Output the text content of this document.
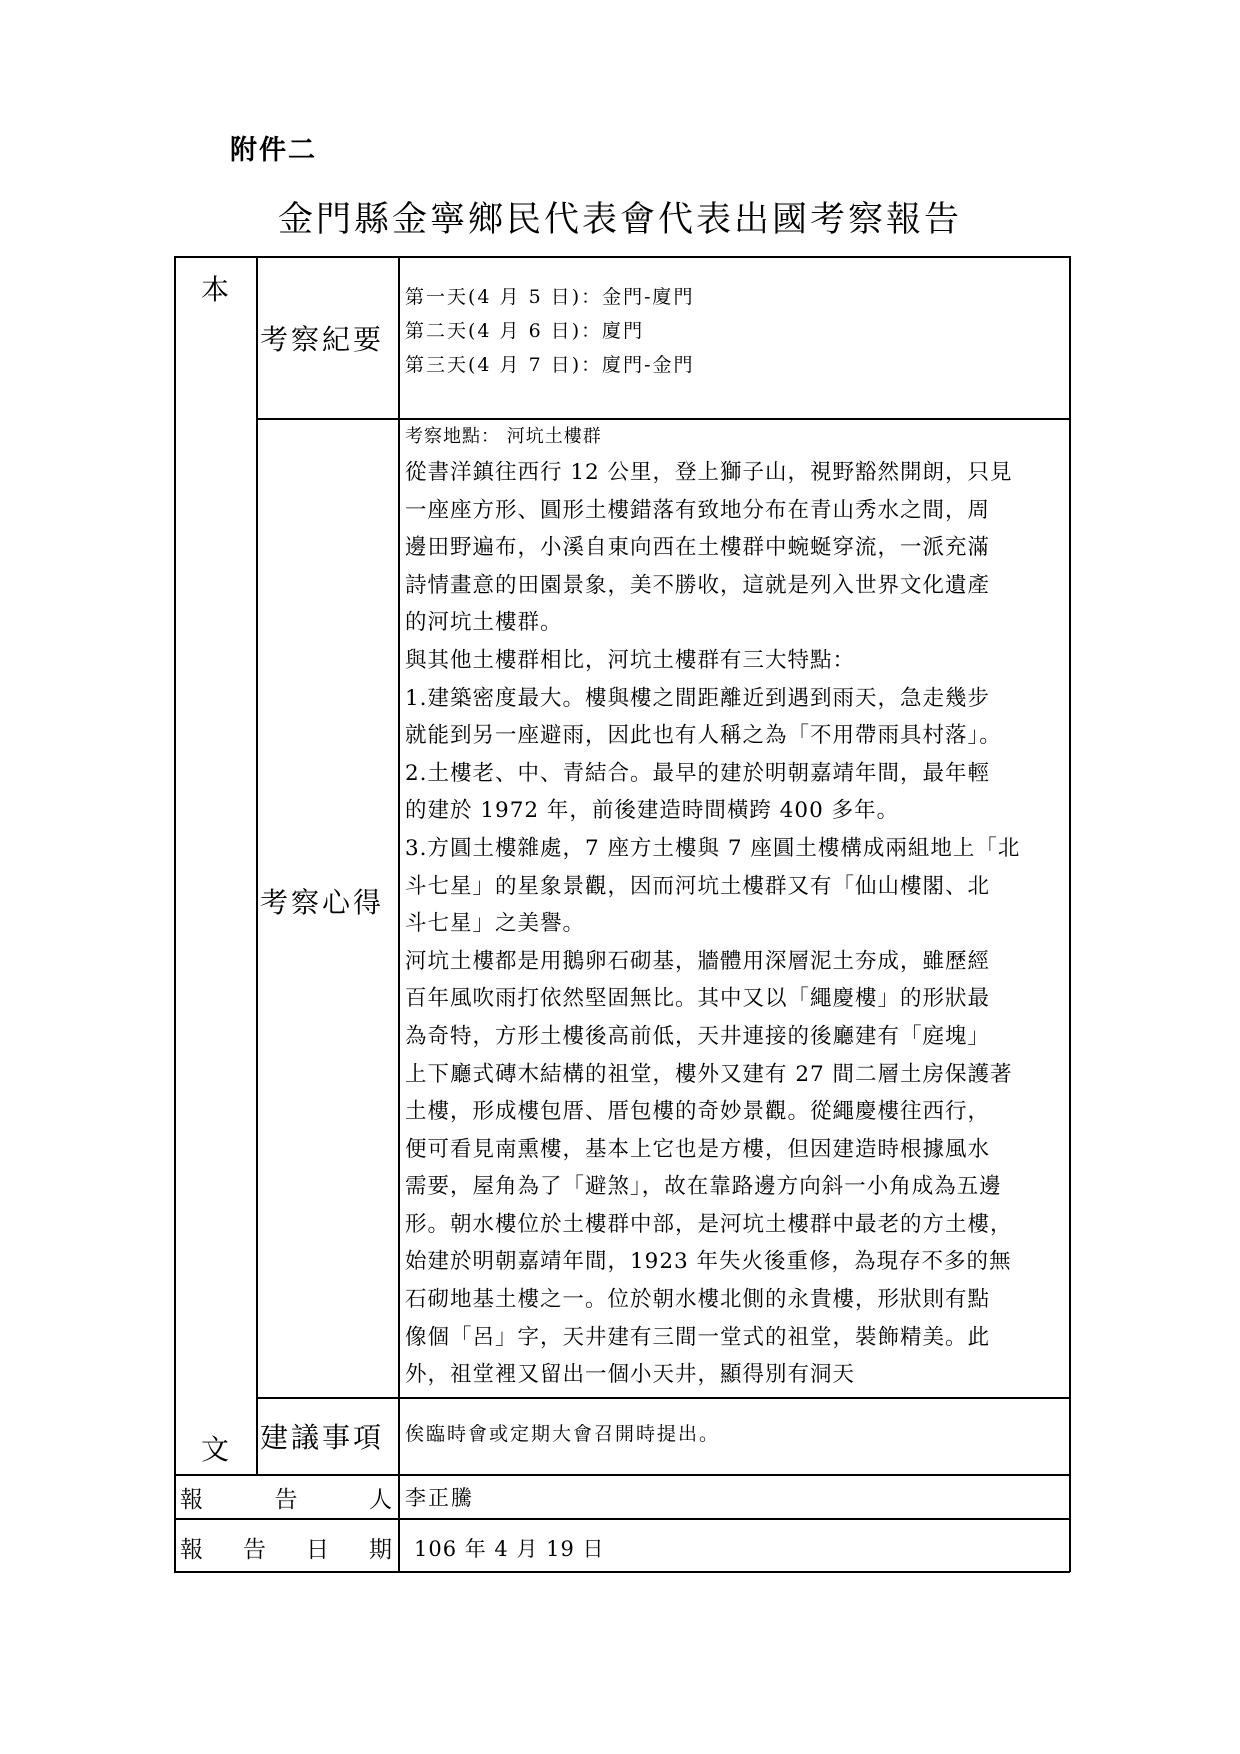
附件二
金門縣金寧鄉民代表會代表出國考察報告
本
文
考察紀要
第一天(4 月 5 日)：金門-廈門
第二天(4 月 6 日)：廈門
第三天(4 月 7 日)：廈門-金門
考察心得
考察地點： 河坑土樓群
從書洋鎮往西行 12 公里，登上獅子山，視野豁然開朗，只見
一座座方形、圓形土樓錯落有致地分布在青山秀水之間，周
邊田野遍布，小溪自東向西在土樓群中蜿蜒穿流，一派充滿
詩情畫意的田園景象，美不勝收，這就是列入世界文化遺產
的河坑土樓群。
與其他土樓群相比，河坑土樓群有三大特點：
1.建築密度最大。樓與樓之間距離近到遇到雨天，急走幾步
就能到另一座避雨，因此也有人稱之為「不用帶雨具村落」。
2.土樓老、中、青結合。最早的建於明朝嘉靖年間，最年輕
的建於 1972 年，前後建造時間橫跨 400 多年。
3.方圓土樓雜處，7 座方土樓與 7 座圓土樓構成兩組地上「北
斗七星」的星象景觀，因而河坑土樓群又有「仙山樓閣、北
斗七星」之美譽。
河坑土樓都是用鵝卵石砌基，牆體用深層泥土夯成，雖歷經
百年風吹雨打依然堅固無比。其中又以「繩慶樓」的形狀最
為奇特，方形土樓後高前低，天井連接的後廳建有「庭塊」
上下廳式磚木結構的祖堂，樓外又建有 27 間二層土房保護著
土樓，形成樓包厝、厝包樓的奇妙景觀。從繩慶樓往西行，
便可看見南熏樓，基本上它也是方樓，但因建造時根據風水
需要，屋角為了「避煞」，故在靠路邊方向斜一小角成為五邊
形。朝水樓位於土樓群中部，是河坑土樓群中最老的方土樓，
始建於明朝嘉靖年間，1923 年失火後重修，為現存不多的無
石砌地基土樓之一。位於朝水樓北側的永貴樓，形狀則有點
像個「呂」字，天井建有三間一堂式的祖堂，裝飾精美。此
外，祖堂裡又留出一個小天井，顯得別有洞天
建議事項 俟臨時會或定期大會召開時提出。
報	告	人 李正騰
報 告 日 期 106 年 4 月 19 日
